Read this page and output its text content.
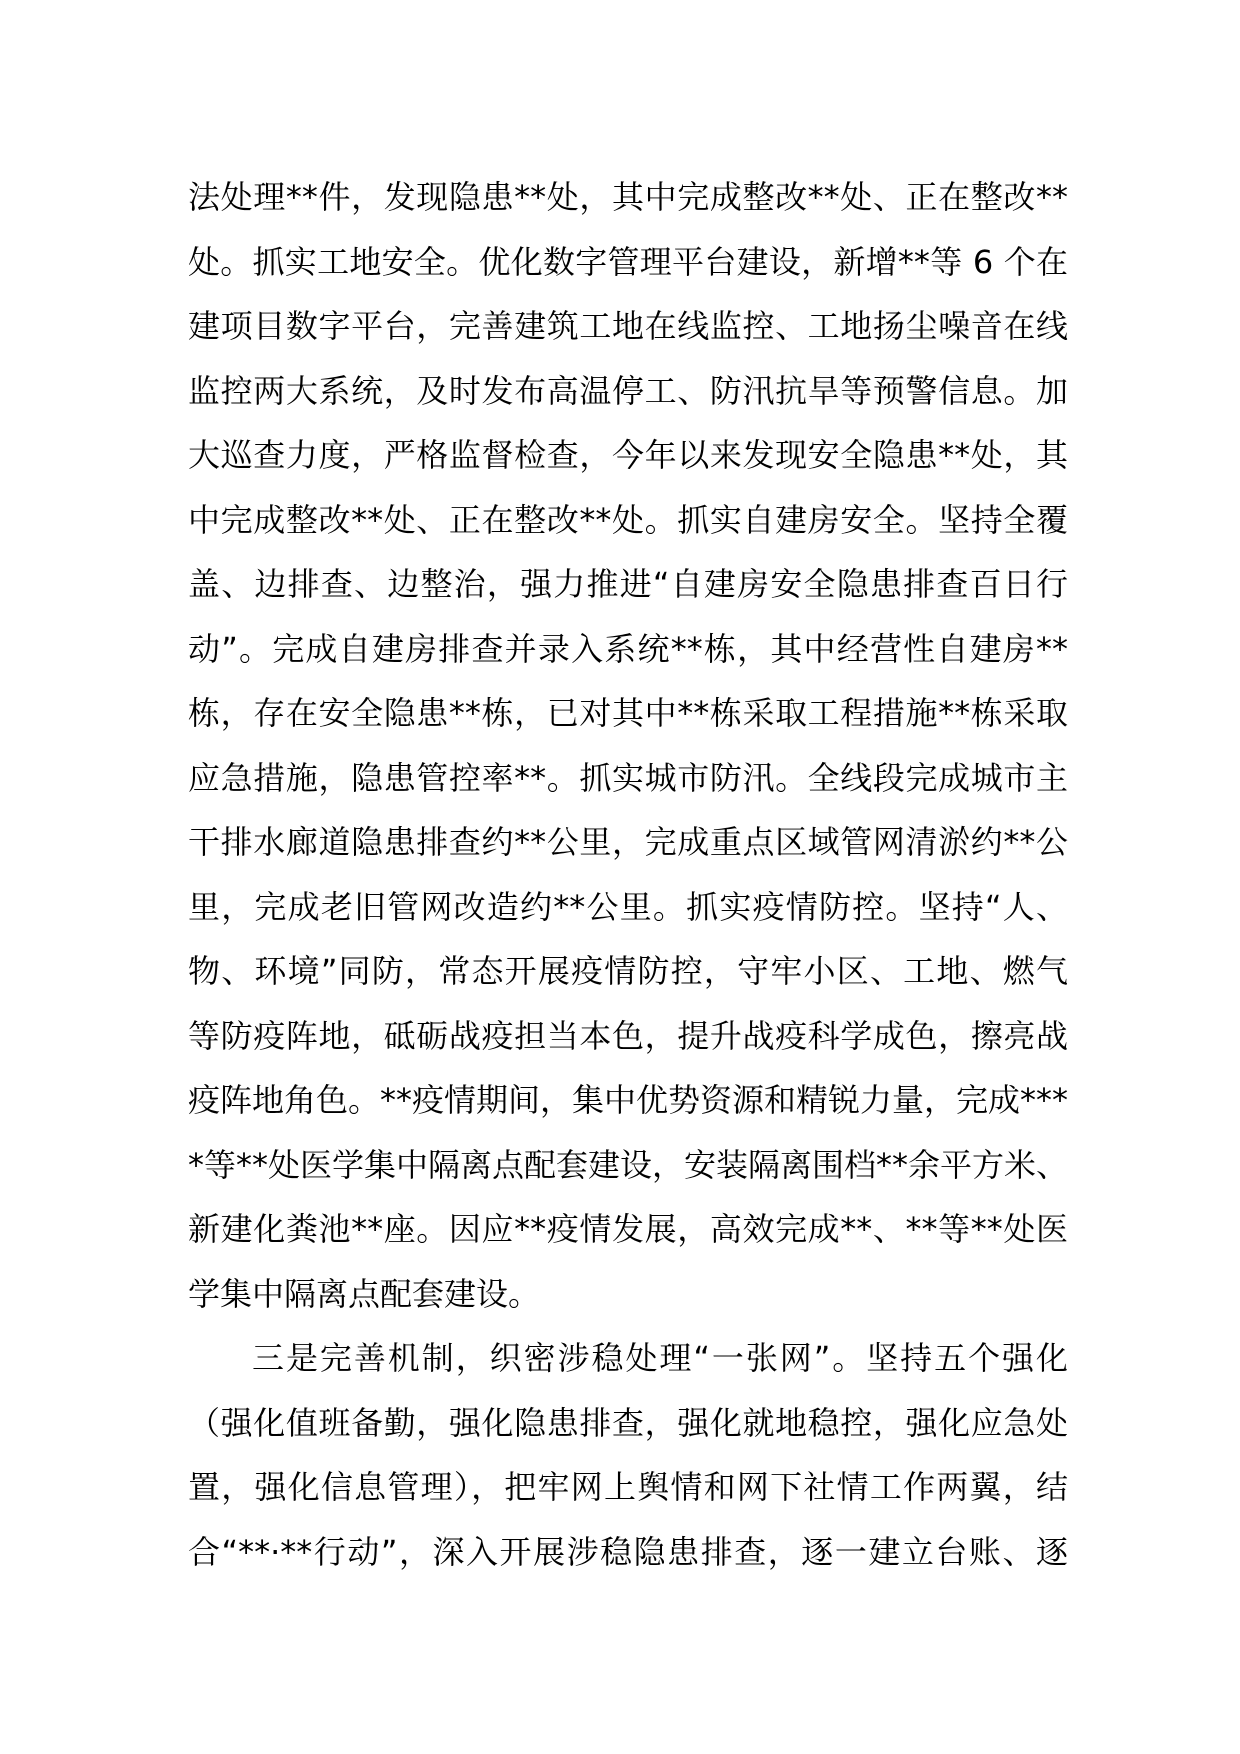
法处理**件，发现隐患**处，其中完成整改**处、正在整改**
处。抓实工地安全。优化数字管理平台建设，新增**等 6 个在
建项目数字平台，完善建筑工地在线监控、工地扬尘噪音在线
监控两大系统，及时发布高温停工、防汛抗旱等预警信息。加
大巡查力度，严格监督检查，今年以来发现安全隐患**处，其
中完成整改**处、正在整改**处。抓实自建房安全。坚持全覆
盖、边排查、边整治，强力推进“自建房安全隐患排查百日行
动”。完成自建房排查并录入系统**栋，其中经营性自建房**
栋，存在安全隐患**栋，已对其中**栋采取工程措施**栋采取
应急措施，隐患管控率**。抓实城市防汛。全线段完成城市主
干排水廊道隐患排查约**公里，完成重点区域管网清淤约**公
里，完成老旧管网改造约**公里。抓实疫情防控。坚持“人、
物、环境”同防，常态开展疫情防控，守牢小区、工地、燃气
等防疫阵地，砥砺战疫担当本色，提升战疫科学成色，擦亮战
疫阵地角色。**疫情期间，集中优势资源和精锐力量，完成***
*等**处医学集中隔离点配套建设，安装隔离围档**余平方米、
新建化粪池**座。因应**疫情发展，高效完成**、**等**处医
学集中隔离点配套建设。
三是完善机制，织密涉稳处理“一张网”。坚持五个强化
（强化值班备勤，强化隐患排查，强化就地稳控，强化应急处
置，强化信息管理），把牢网上舆情和网下社情工作两翼，结
合“**·**行动”，深入开展涉稳隐患排查，逐一建立台账、逐
